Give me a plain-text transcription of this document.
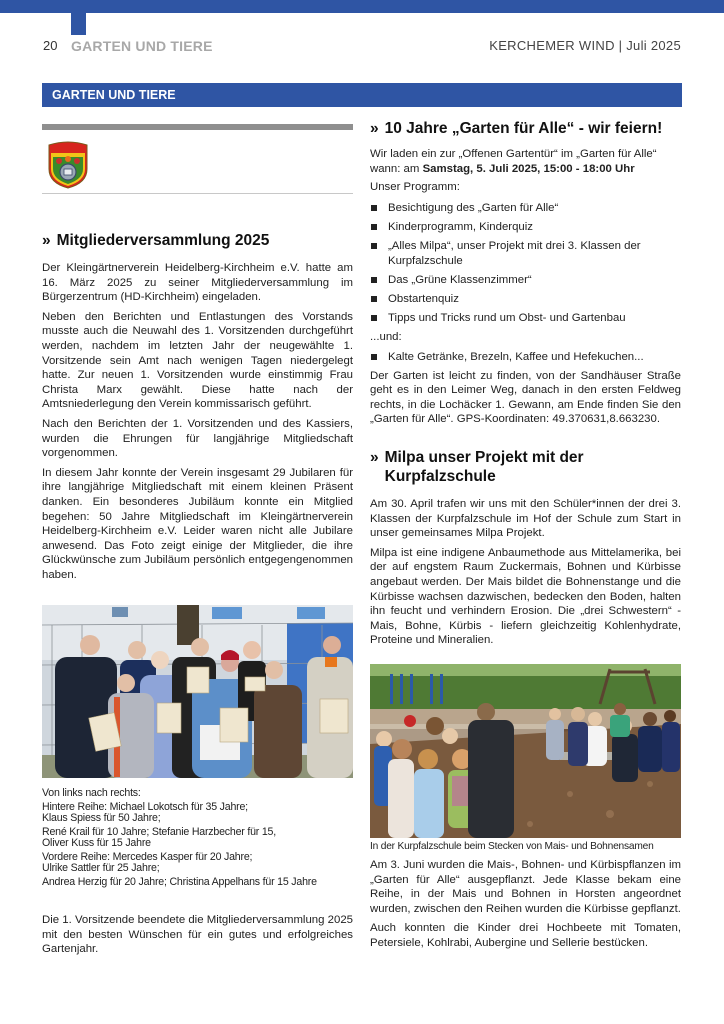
20 GARTEN UND TIERE	KERCHEMER WIND | Juli 2025
GARTEN UND TIERE
» Mitgliederversammlung 2025

Der Kleingärtnerverein Heidelberg-Kirchheim e.V. hatte am 16. März 2025 zu seiner Mitgliederversammlung im Bürgerzentrum (HD-Kirchheim) eingeladen.

Neben den Berichten und Entlastungen des Vorstands musste auch die Neuwahl des 1. Vorsitzenden durchgeführt werden, nachdem im letzten Jahr der neugewählte 1. Vorsitzende sein Amt nach wenigen Tagen niedergelegt hatte. Zur neuen 1. Vorsitzenden wurde einstimmig Frau Christa Marx gewählt. Diese hatte nach der Amtsniederlegung den Verein kommissarisch geführt.

Nach den Berichten der 1. Vorsitzenden und des Kassiers, wurden die Ehrungen für langjährige Mitgliedschaft vorgenommen.

In diesem Jahr konnte der Verein insgesamt 29 Jubilaren für ihre langjährige Mitgliedschaft mit einem kleinen Präsent danken. Ein besonderes Jubiläum konnte ein Mitglied begehen: 50 Jahre Mitgliedschaft im Kleingärtnerverein Heidelberg-Kirchheim e.V. Leider waren nicht alle Jubilare anwesend. Das Foto zeigt einige der Mitglieder, die ihre Glückwünsche zum Jubiläum persönlich entgegengenommen haben.

Von links nach rechts:
Hintere Reihe: Michael Lokotsch für 35 Jahre;
Klaus Spiess für 50 Jahre;
René Krail für 10 Jahre; Stefanie Harzbecher für 15,
Oliver Kuss für 15 Jahre
Vordere Reihe: Mercedes Kasper für 20 Jahre;
Ulrike Sattler für 25 Jahre;
Andrea Herzig für 20 Jahre; Christina Appelhans für 15 Jahre

Die 1. Vorsitzende beendete die Mitgliederversammlung 2025 mit den besten Wünschen für ein gutes und erfolgreiches Gartenjahr.

» 10 Jahre „Garten für Alle“ - wir feiern!

Wir laden ein zur „Offenen Gartentür“ im „Garten für Alle“
wann: am Samstag, 5. Juli 2025, 15:00 - 18:00 Uhr

Unser Programm:

Besichtigung des „Garten für Alle“
Kinderprogramm, Kinderquiz
„Alles Milpa“, unser Projekt mit drei 3. Klassen der Kurpfalzschule
Das „Grüne Klassenzimmer“
Obstartenquiz
Tipps und Tricks rund um Obst- und Gartenbau

...und:

Kalte Getränke, Brezeln, Kaffee und Hefekuchen...

Der Garten ist leicht zu finden, von der Sandhäuser Straße geht es in den Leimer Weg, danach in den ersten Feldweg rechts, in die Lochäcker 1. Gewann, am Ende finden Sie den „Garten für Alle“. GPS-Koordinaten: 49.370631,8.663230.

» Milpa unser Projekt mit der Kurpfalzschule

Am 30. April trafen wir uns mit den Schüler*innen der drei 3. Klassen der Kurpfalzschule im Hof der Schule zum Start in unser gemeinsames Milpa Projekt.

Milpa ist eine indigene Anbaumethode aus Mittelamerika, bei der auf engstem Raum Zuckermais, Bohnen und Kürbisse angebaut werden. Der Mais bildet die Bohnenstange und die Kürbisse wachsen dazwischen, bedecken den Boden, halten ihn feucht und verhindern Erosion. Die „drei Schwestern“ - Mais, Bohne, Kürbis - liefern gleichzeitig Kohlenhydrate, Proteine und Mineralien.

In der Kurpfalzschule beim Stecken von Mais- und Bohnensamen

Am 3. Juni wurden die Mais-, Bohnen- und Kürbispflanzen im „Garten für Alle“ ausgepflanzt. Jede Klasse bekam eine Reihe, in der Mais und Bohnen in Horsten angeordnet wurden, zwischen den Reihen wurden die Kürbisse gepflanzt.

Auch konnten die Kinder drei Hochbeete mit Tomaten, Petersiele, Kohlrabi, Aubergine und Sellerie bestücken.
